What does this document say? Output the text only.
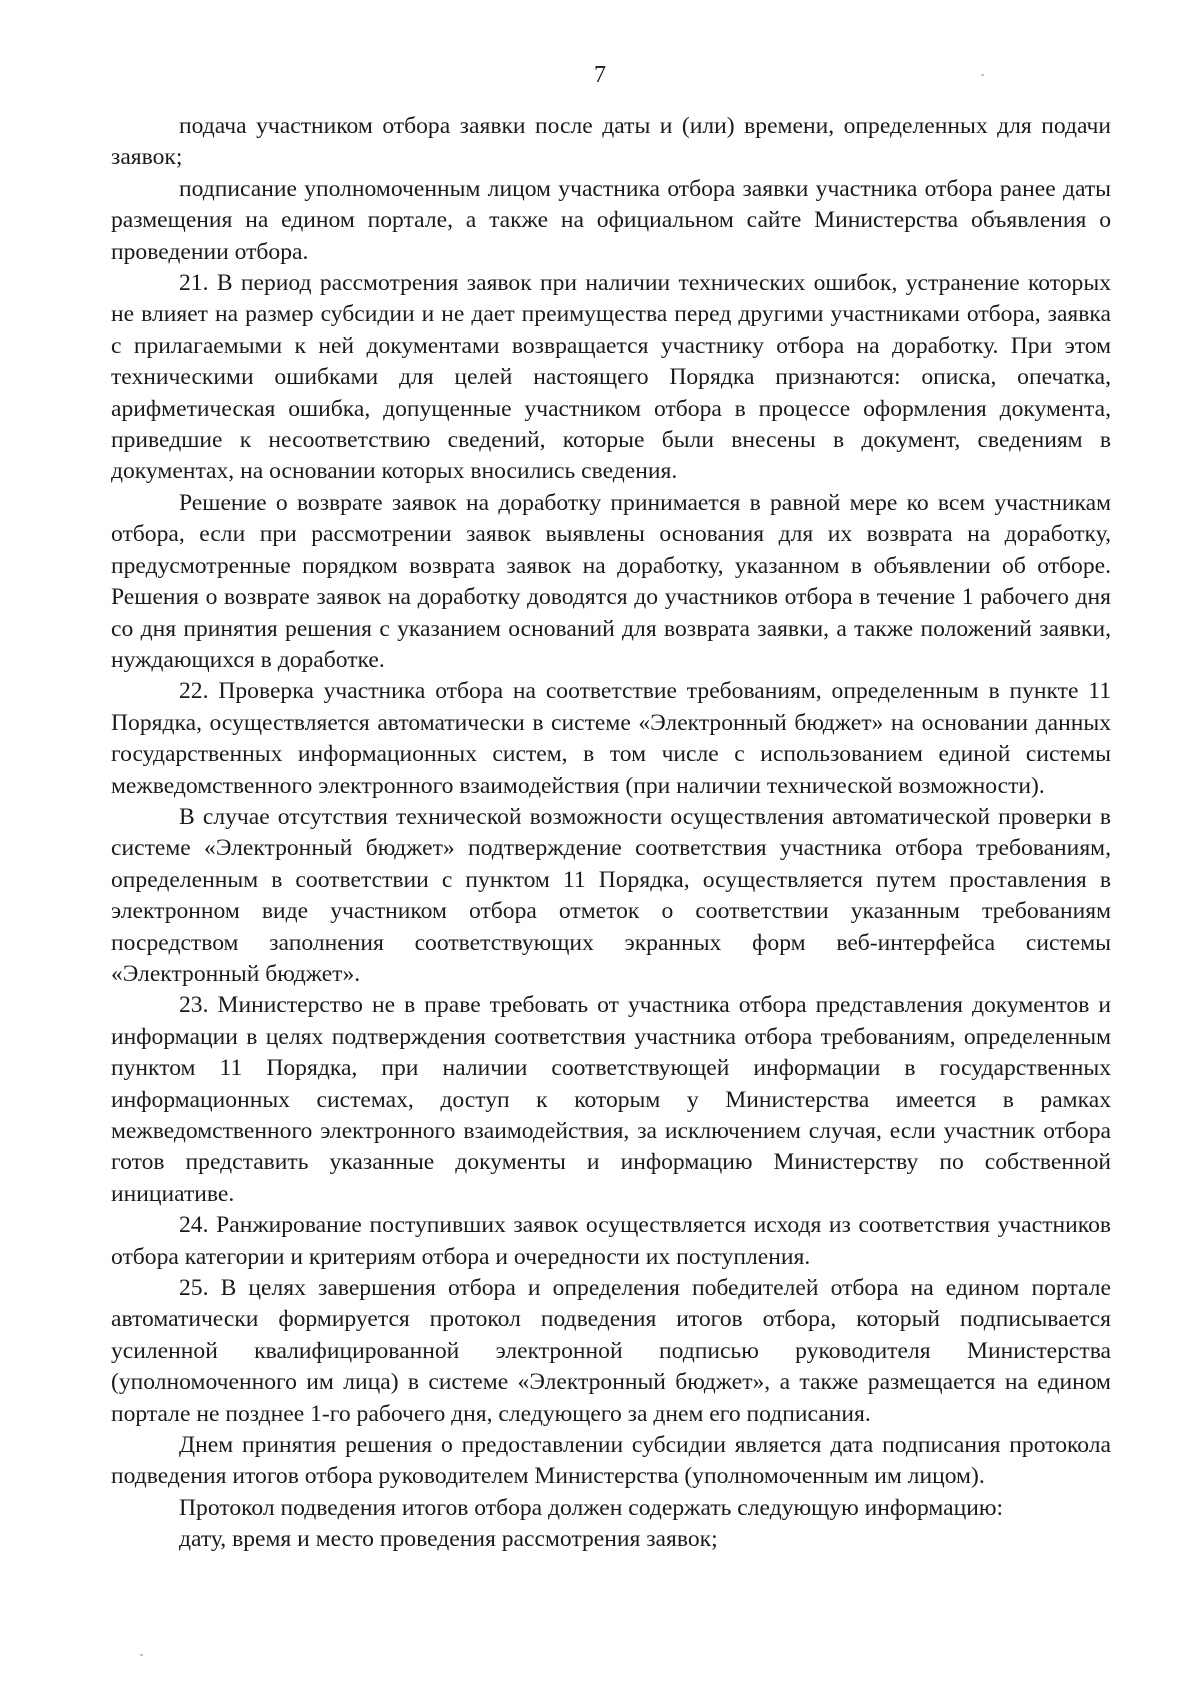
7

подача участником отбора заявки после даты и (или) времени, определенных для подачи заявок;

подписание уполномоченным лицом участника отбора заявки участника отбора ранее даты размещения на едином портале, а также на официальном сайте Министерства объявления о проведении отбора.

21. В период рассмотрения заявок при наличии технических ошибок, устранение которых не влияет на размер субсидии и не дает преимущества перед другими участниками отбора, заявка с прилагаемыми к ней документами возвращается участнику отбора на доработку. При этом техническими ошибками для целей настоящего Порядка признаются: описка, опечатка, арифметическая ошибка, допущенные участником отбора в процессе оформления документа, приведшие к несоответствию сведений, которые были внесены в документ, сведениям в документах, на основании которых вносились сведения.

Решение о возврате заявок на доработку принимается в равной мере ко всем участникам отбора, если при рассмотрении заявок выявлены основания для их возврата на доработку, предусмотренные порядком возврата заявок на доработку, указанном в объявлении об отборе. Решения о возврате заявок на доработку доводятся до участников отбора в течение 1 рабочего дня со дня принятия решения с указанием оснований для возврата заявки, а также положений заявки, нуждающихся в доработке.

22. Проверка участника отбора на соответствие требованиям, определенным в пункте 11 Порядка, осуществляется автоматически в системе «Электронный бюджет» на основании данных государственных информационных систем, в том числе с использованием единой системы межведомственного электронного взаимодействия (при наличии технической возможности).

В случае отсутствия технической возможности осуществления автоматической проверки в системе «Электронный бюджет» подтверждение соответствия участника отбора требованиям, определенным в соответствии с пунктом 11 Порядка, осуществляется путем проставления в электронном виде участником отбора отметок о соответствии указанным требованиям посредством заполнения соответствующих экранных форм веб-интерфейса системы «Электронный бюджет».

23. Министерство не в праве требовать от участника отбора представления документов и информации в целях подтверждения соответствия участника отбора требованиям, определенным пунктом 11 Порядка, при наличии соответствующей информации в государственных информационных системах, доступ к которым у Министерства имеется в рамках межведомственного электронного взаимодействия, за исключением случая, если участник отбора готов представить указанные документы и информацию Министерству по собственной инициативе.

24. Ранжирование поступивших заявок осуществляется исходя из соответствия участников отбора категории и критериям отбора и очередности их поступления.

25. В целях завершения отбора и определения победителей отбора на едином портале автоматически формируется протокол подведения итогов отбора, который подписывается усиленной квалифицированной электронной подписью руководителя Министерства (уполномоченного им лица) в системе «Электронный бюджет», а также размещается на едином портале не позднее 1-го рабочего дня, следующего за днем его подписания.

Днем принятия решения о предоставлении субсидии является дата подписания протокола подведения итогов отбора руководителем Министерства (уполномоченным им лицом).

Протокол подведения итогов отбора должен содержать следующую информацию:

дату, время и место проведения рассмотрения заявок;
